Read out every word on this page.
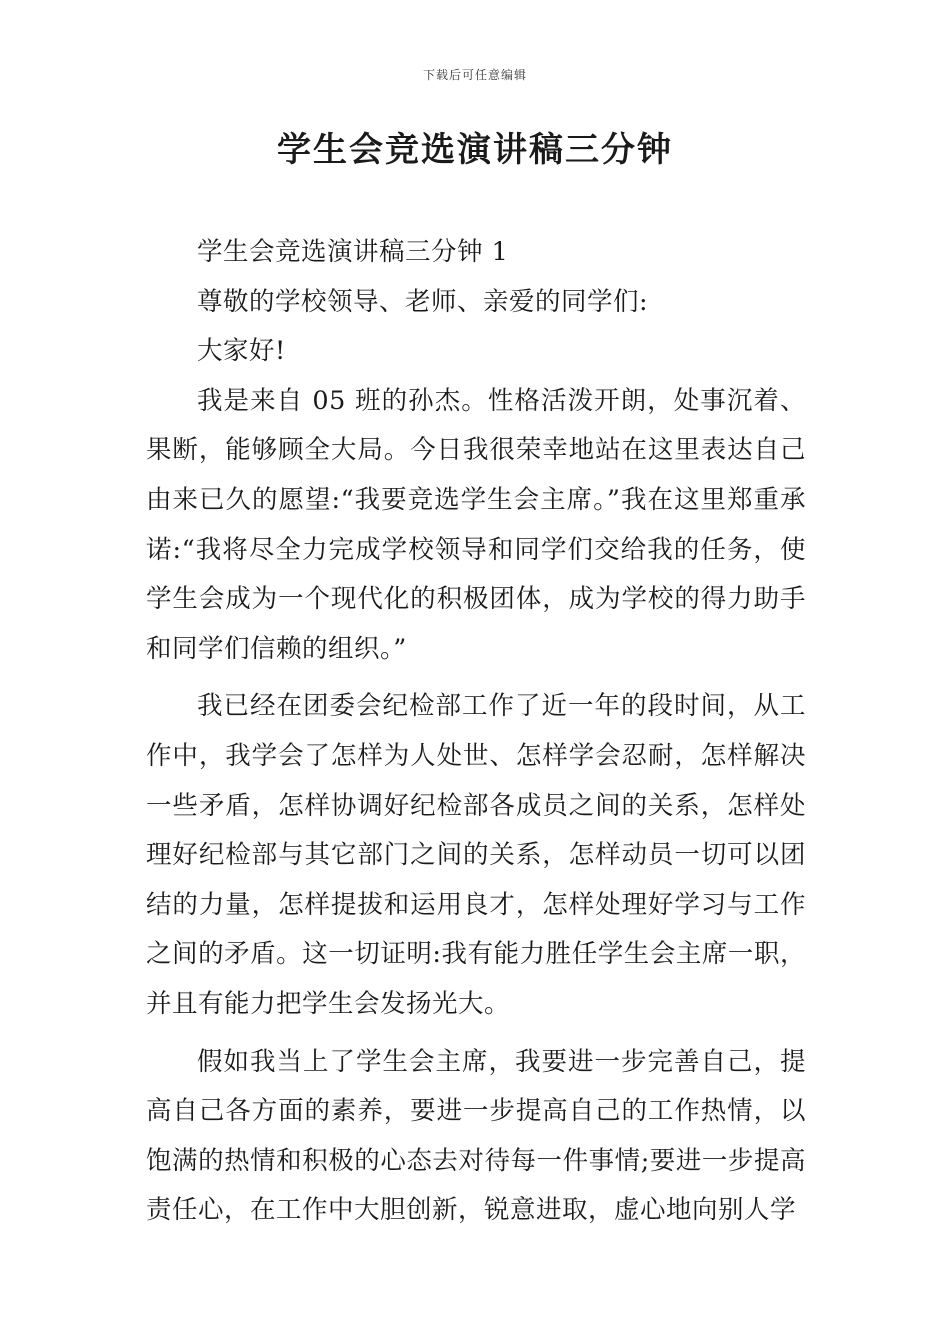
下载后可任意编辑
学生会竞选演讲稿三分钟

学生会竞选演讲稿三分钟 1

尊敬的学校领导、老师、亲爱的同学们:

大家好!

我是来自 05 班的孙杰。性格活泼开朗，处事沉着、果断，能够顾全大局。今日我很荣幸地站在这里表达自己由来已久的愿望:“我要竞选学生会主席。”我在这里郑重承诺:“我将尽全力完成学校领导和同学们交给我的任务，使学生会成为一个现代化的积极团体，成为学校的得力助手和同学们信赖的组织。”

我已经在团委会纪检部工作了近一年的段时间，从工作中，我学会了怎样为人处世、怎样学会忍耐，怎样解决一些矛盾，怎样协调好纪检部各成员之间的关系，怎样处理好纪检部与其它部门之间的关系，怎样动员一切可以团结的力量，怎样提拔和运用良才，怎样处理好学习与工作之间的矛盾。这一切证明:我有能力胜任学生会主席一职，并且有能力把学生会发扬光大。

假如我当上了学生会主席，我要进一步完善自己，提高自己各方面的素养，要进一步提高自己的工作热情，以饱满的热情和积极的心态去对待每一件事情;要进一步提高责任心，在工作中大胆创新，锐意进取，虚心地向别人学
